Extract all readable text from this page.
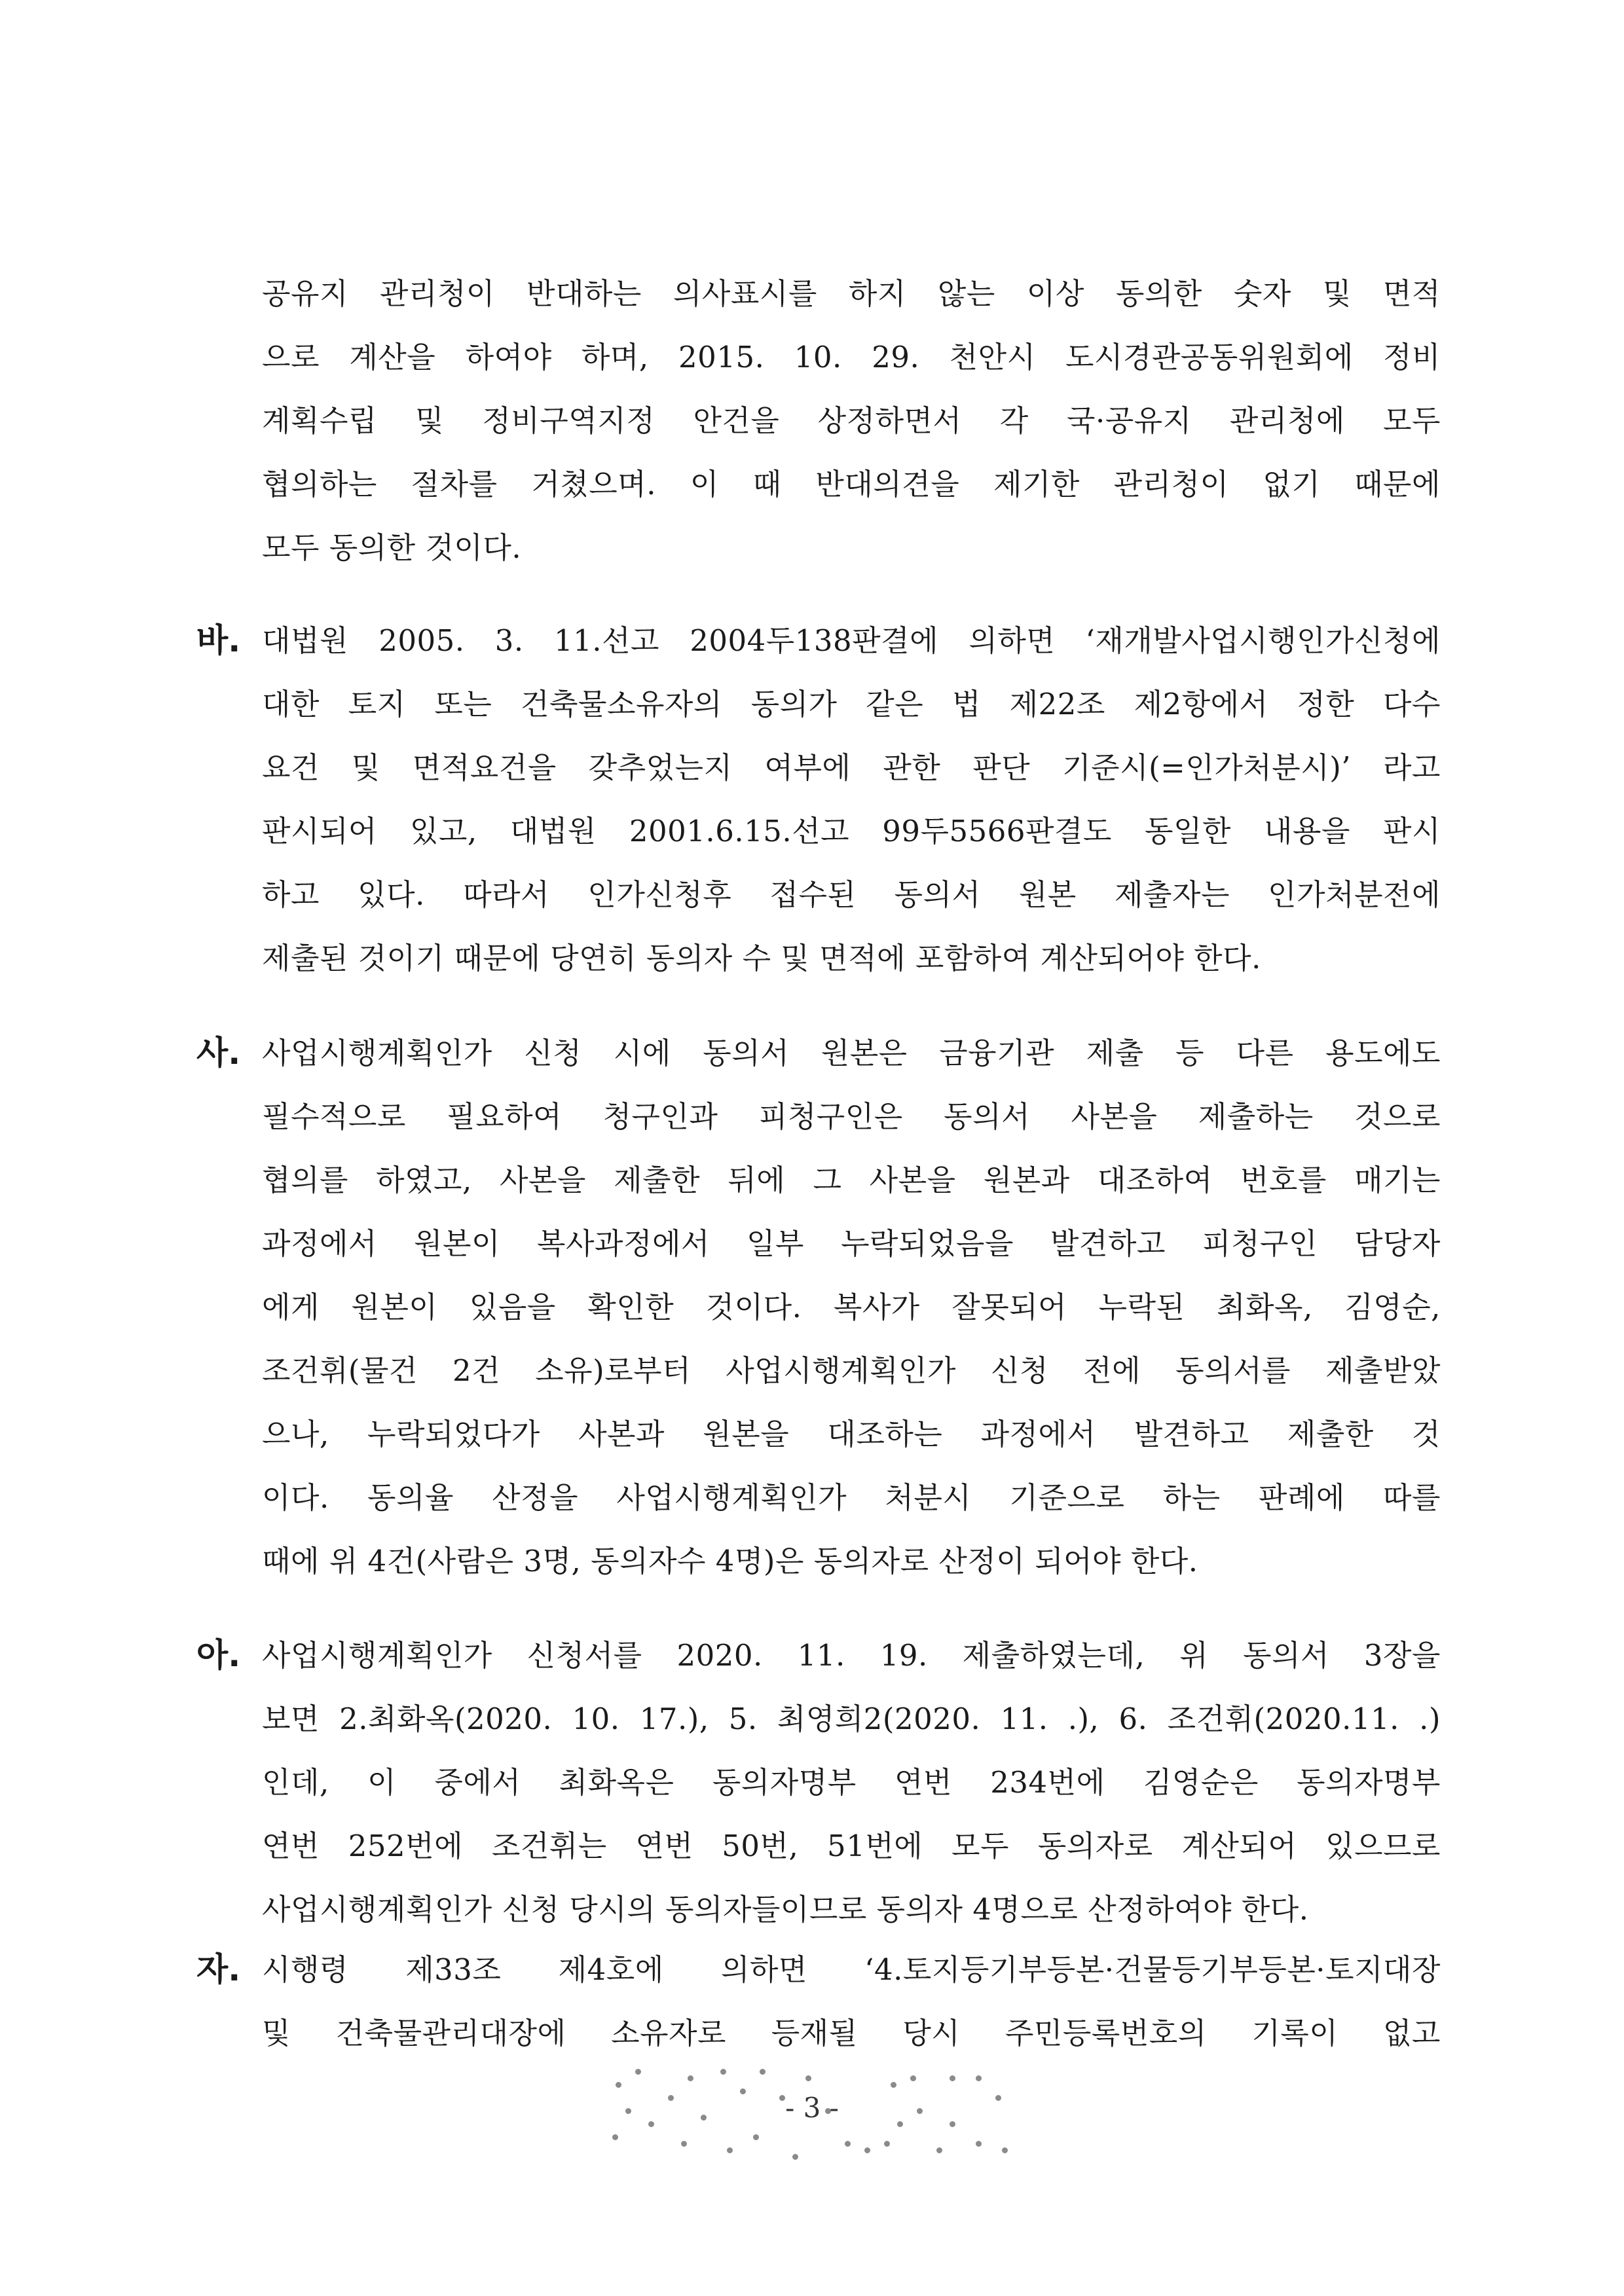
공유지 관리청이 반대하는 의사표시를 하지 않는 이상 동의한 숫자 및 면적
으로 계산을 하여야 하며, 2015. 10. 29. 천안시 도시경관공동위원회에 정비
계획수립 및 정비구역지정 안건을 상정하면서 각 국·공유지 관리청에 모두
협의하는 절차를 거쳤으며. 이 때 반대의견을 제기한 관리청이 없기 때문에
모두 동의한 것이다.
바. 대법원 2005. 3. 11.선고 2004두138판결에 의하면 ‘재개발사업시행인가신청에
대한 토지 또는 건축물소유자의 동의가 같은 법 제22조 제2항에서 정한 다수
요건 및 면적요건을 갖추었는지 여부에 관한 판단 기준시(=인가처분시)’ 라고
판시되어 있고, 대법원 2001.6.15.선고 99두5566판결도 동일한 내용을 판시
하고 있다. 따라서 인가신청후 접수된 동의서 원본 제출자는 인가처분전에
제출된 것이기 때문에 당연히 동의자 수 및 면적에 포함하여 계산되어야 한다.
사. 사업시행계획인가 신청 시에 동의서 원본은 금융기관 제출 등 다른 용도에도
필수적으로 필요하여 청구인과 피청구인은 동의서 사본을 제출하는 것으로
협의를 하였고, 사본을 제출한 뒤에 그 사본을 원본과 대조하여 번호를 매기는
과정에서 원본이 복사과정에서 일부 누락되었음을 발견하고 피청구인 담당자
에게 원본이 있음을 확인한 것이다. 복사가 잘못되어 누락된 최화옥, 김영순,
조건휘(물건 2건 소유)로부터 사업시행계획인가 신청 전에 동의서를 제출받았
으나, 누락되었다가 사본과 원본을 대조하는 과정에서 발견하고 제출한 것
이다. 동의율 산정을 사업시행계획인가 처분시 기준으로 하는 판례에 따를
때에 위 4건(사람은 3명, 동의자수 4명)은 동의자로 산정이 되어야 한다.
아. 사업시행계획인가 신청서를 2020. 11. 19. 제출하였는데, 위 동의서 3장을
보면 2.최화옥(2020. 10. 17.), 5. 최영희2(2020. 11. .), 6. 조건휘(2020.11. .)
인데, 이 중에서 최화옥은 동의자명부 연번 234번에 김영순은 동의자명부
연번 252번에 조건휘는 연번 50번, 51번에 모두 동의자로 계산되어 있으므로
사업시행계획인가 신청 당시의 동의자들이므로 동의자 4명으로 산정하여야 한다.
자. 시행령 제33조 제4호에 의하면 ‘4.토지등기부등본·건물등기부등본·토지대장
및 건축물관리대장에 소유자로 등재될 당시 주민등록번호의 기록이 없고
- 3 -
